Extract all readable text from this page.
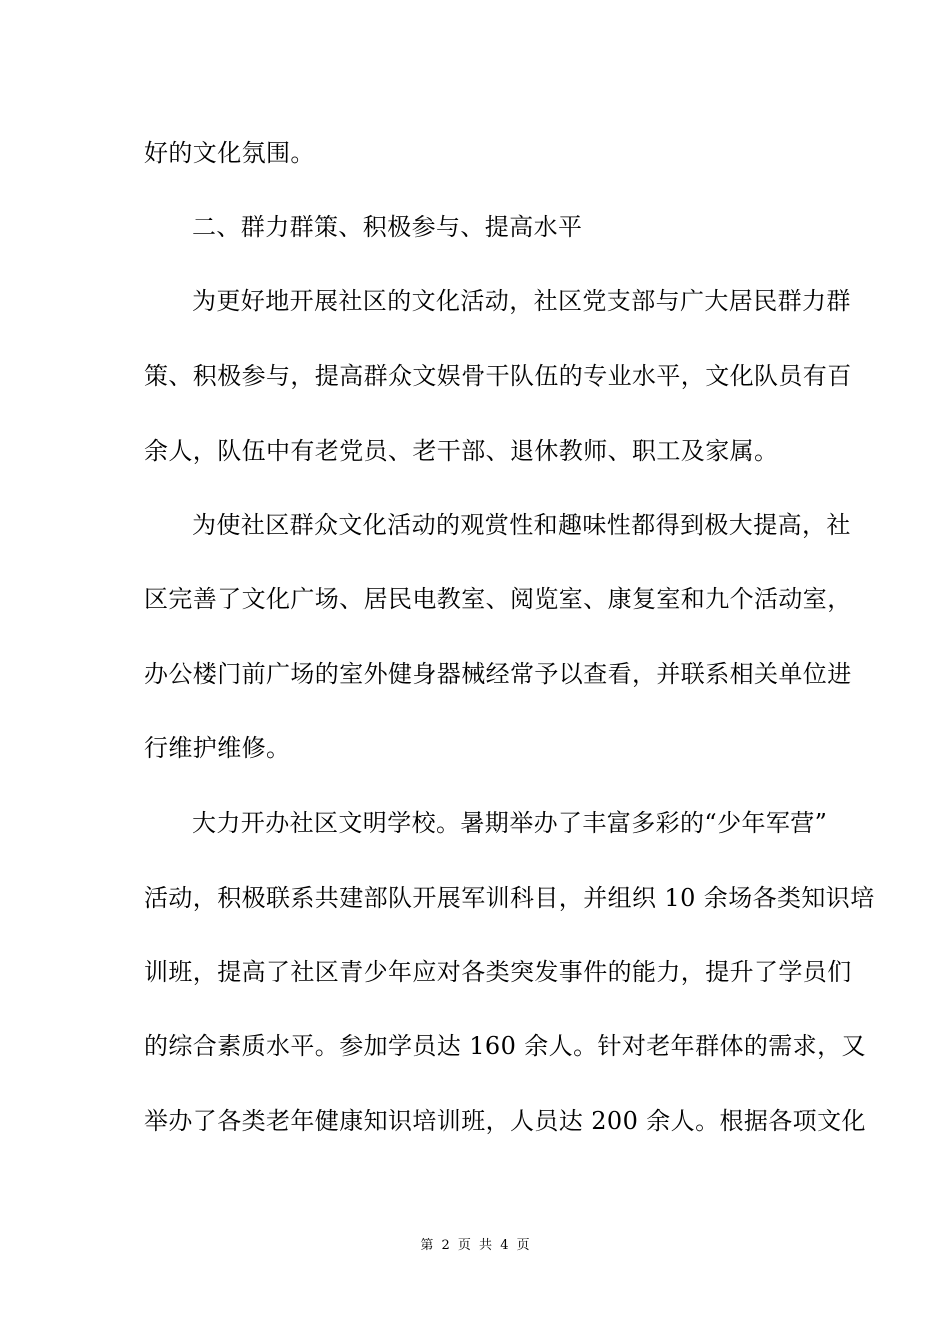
好的文化氛围。
二、群力群策、积极参与、提高水平
为更好地开展社区的文化活动，社区党支部与广大居民群力群
策、积极参与，提高群众文娱骨干队伍的专业水平，文化队员有百
余人，队伍中有老党员、老干部、退休教师、职工及家属。
为使社区群众文化活动的观赏性和趣味性都得到极大提高，社
区完善了文化广场、居民电教室、阅览室、康复室和九个活动室，
办公楼门前广场的室外健身器械经常予以查看，并联系相关单位进
行维护维修。
大力开办社区文明学校。暑期举办了丰富多彩的“少年军营”
活动，积极联系共建部队开展军训科目，并组织 10 余场各类知识培
训班，提高了社区青少年应对各类突发事件的能力，提升了学员们
的综合素质水平。参加学员达 160 余人。针对老年群体的需求，又
举办了各类老年健康知识培训班，人员达 200 余人。根据各项文化
第 2 页 共 4 页
